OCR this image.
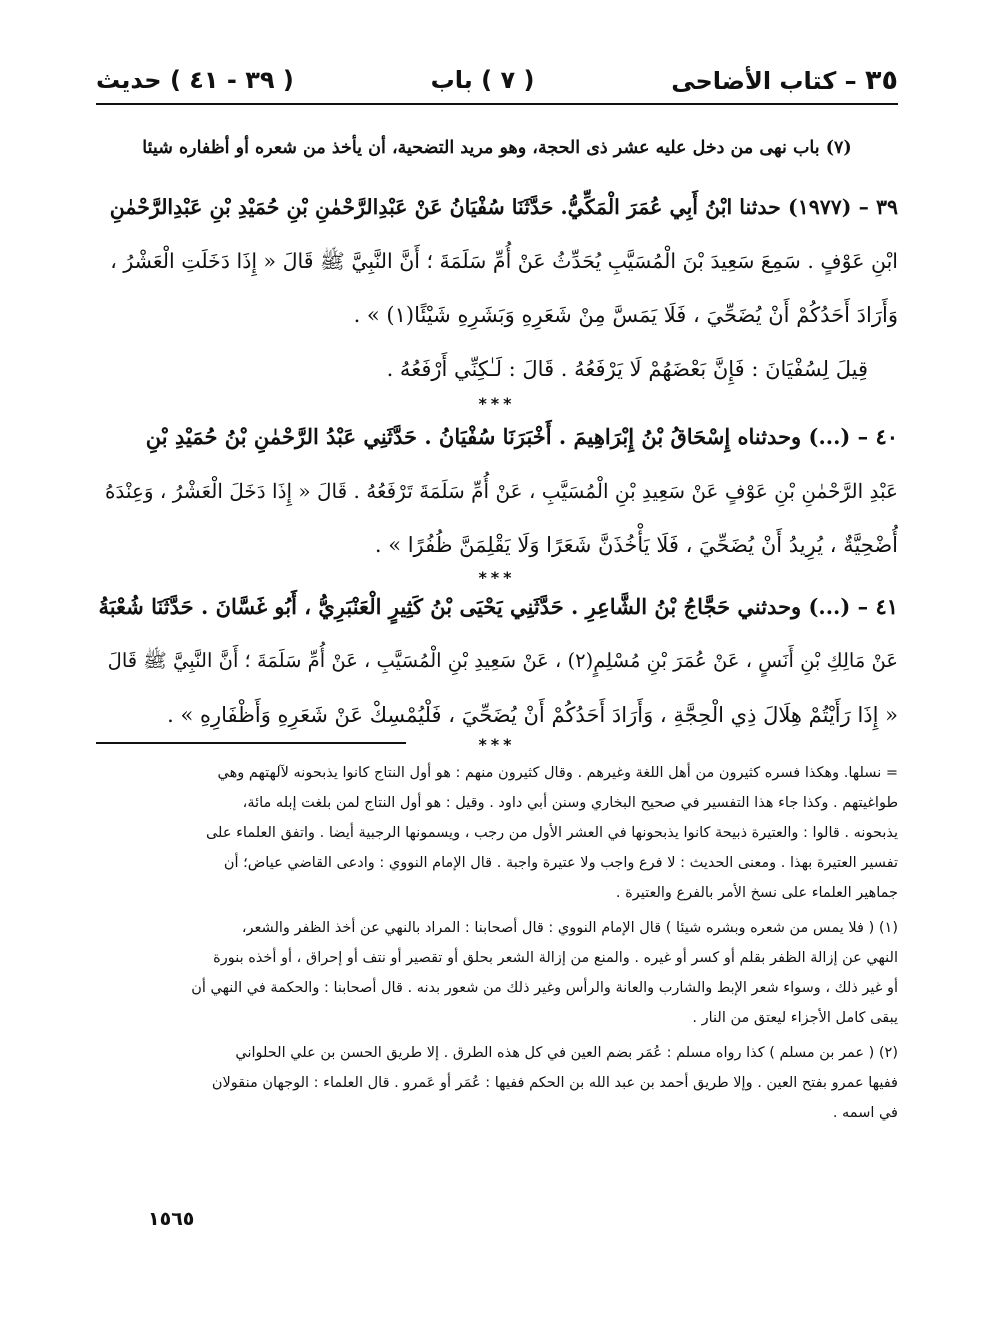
٣٥ – كتاب الأضاحى
( ٧ ) باب
( ٣٩ - ٤١ ) حديث
(٧) باب نهى من دخل عليه عشر ذى الحجة، وهو مريد التضحية، أن يأخذ من شعره أو أظفاره شيئا
٣٩ – (١٩٧٧) حدثنا ابْنُ أَبِي عُمَرَ الْمَكِّيُّ. حَدَّثَنَا سُفْيَانُ عَنْ عَبْدِالرَّحْمٰنِ بْنِ حُمَيْدِ بْنِ عَبْدِالرَّحْمٰنِ
ابْنِ عَوْفٍ . سَمِعَ سَعِيدَ بْنَ الْمُسَيَّبِ يُحَدِّثُ عَنْ أُمِّ سَلَمَةَ ؛ أَنَّ النَّبِيَّ ﷺ قَالَ « إِذَا دَخَلَتِ الْعَشْرُ ،
وَأَرَادَ أَحَدُكُمْ أَنْ يُضَحِّيَ ، فَلَا يَمَسَّ مِنْ شَعَرِهِ وَبَشَرِهِ شَيْئًا(١) » .
قِيلَ لِسُفْيَانَ : فَإِنَّ بَعْضَهُمْ لَا يَرْفَعُهُ . قَالَ : لَـٰكِنِّي أَرْفَعُهُ .
***
٤٠ – (...) وحدثناه إِسْحَاقُ بْنُ إِبْرَاهِيمَ . أَخْبَرَنَا سُفْيَانُ . حَدَّثَنِي عَبْدُ الرَّحْمٰنِ بْنُ حُمَيْدِ بْنِ
عَبْدِ الرَّحْمٰنِ بْنِ عَوْفٍ عَنْ سَعِيدِ بْنِ الْمُسَيَّبِ ، عَنْ أُمِّ سَلَمَةَ تَرْفَعُهُ . قَالَ « إِذَا دَخَلَ الْعَشْرُ ، وَعِنْدَهُ
أُضْحِيَّةٌ ، يُرِيدُ أَنْ يُضَحِّيَ ، فَلَا يَأْخُذَنَّ شَعَرًا وَلَا يَقْلِمَنَّ ظُفُرًا » .
***
٤١ – (...) وحدثني حَجَّاجُ بْنُ الشَّاعِرِ . حَدَّثَنِي يَحْيَى بْنُ كَثِيرٍ الْعَنْبَرِيُّ ، أَبُو غَسَّانَ . حَدَّثَنَا شُعْبَةُ
عَنْ مَالِكِ بْنِ أَنَسٍ ، عَنْ عُمَرَ بْنِ مُسْلِمٍ(٢) ، عَنْ سَعِيدِ بْنِ الْمُسَيَّبِ ، عَنْ أُمِّ سَلَمَةَ ؛ أَنَّ النَّبِيَّ ﷺ قَالَ
« إِذَا رَأَيْتُمْ هِلَالَ ذِي الْحِجَّةِ ، وَأَرَادَ أَحَدُكُمْ أَنْ يُضَحِّيَ ، فَلْيُمْسِكْ عَنْ شَعَرِهِ وَأَظْفَارِهِ » .
***
= نسلها. وهكذا فسره كثيرون من أهل اللغة وغيرهم . وقال كثيرون منهم : هو أول النتاج كانوا يذبحونه لآلهتهم وهي
طواغيتهم . وكذا جاء هذا التفسير في صحيح البخاري وسنن أبي داود . وقيل : هو أول النتاج لمن بلغت إبله مائة،
يذبحونه . قالوا : والعتيرة ذبيحة كانوا يذبحونها في العشر الأول من رجب ، ويسمونها الرجبية أيضا . واتفق العلماء على
تفسير العتيرة بهذا . ومعنى الحديث : لا فرع واجب ولا عتيرة واجبة . قال الإمام النووي : وادعى القاضي عياض؛ أن
جماهير العلماء على نسخ الأمر بالفرع والعتيرة .
(١) ( فلا يمس من شعره وبشره شيئا ) قال الإمام النووي : قال أصحابنا : المراد بالنهي عن أخذ الظفر والشعر،
النهي عن إزالة الظفر بقلم أو كسر أو غيره . والمنع من إزالة الشعر بحلق أو تقصير أو نتف أو إحراق ، أو أخذه بنورة
أو غير ذلك ، وسواء شعر الإبط والشارب والعانة والرأس وغير ذلك من شعور بدنه . قال أصحابنا : والحكمة في النهي أن
يبقى كامل الأجزاء ليعتق من النار .
(٢) ( عمر بن مسلم ) كذا رواه مسلم : عُمَر بضم العين في كل هذه الطرق . إلا طريق الحسن بن علي الحلواني
ففيها عمرو بفتح العين . وإلا طريق أحمد بن عبد الله بن الحكم ففيها : عُمَر أو عَمرو . قال العلماء : الوجهان منقولان
في اسمه .
١٥٦٥
